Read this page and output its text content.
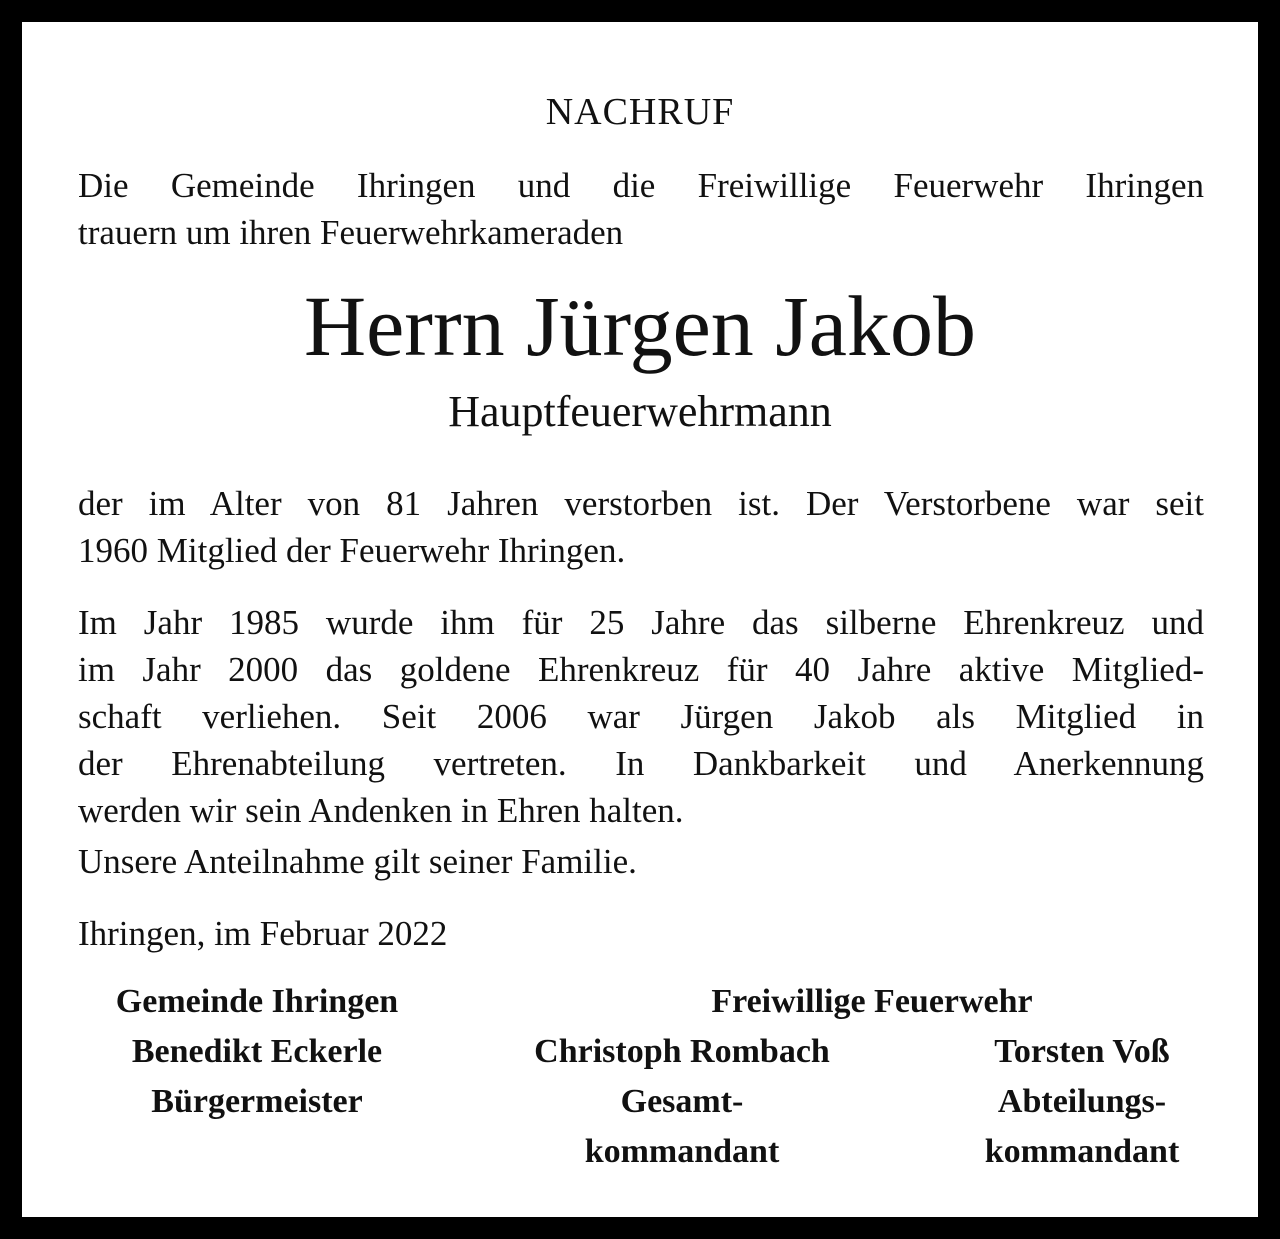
NACHRUF

Die Gemeinde Ihringen und die Freiwillige Feuerwehr Ihringen

trauern um ihren Feuerwehrkameraden

Herrn Jürgen Jakob
Hauptfeuerwehrmann

der im Alter von 81 Jahren verstorben ist. Der Verstorbene war seit

1960 Mitglied der Feuerwehr Ihringen.

Im Jahr 1985 wurde ihm für 25 Jahre das silberne Ehrenkreuz und

im Jahr 2000 das goldene Ehrenkreuz für 40 Jahre aktive Mitglied-

schaft verliehen. Seit 2006 war Jürgen Jakob als Mitglied in

der Ehrenabteilung vertreten. In Dankbarkeit und Anerkennung

werden wir sein Andenken in Ehren halten.

Unsere Anteilnahme gilt seiner Familie.
Ihringen, im Februar 2022
Gemeinde Ihringen
Benedikt Eckerle
Bürgermeister
Freiwillige Feuerwehr
Christoph Rombach
Gesamt-
kommandant
Torsten Voß
Abteilungs-
kommandant
